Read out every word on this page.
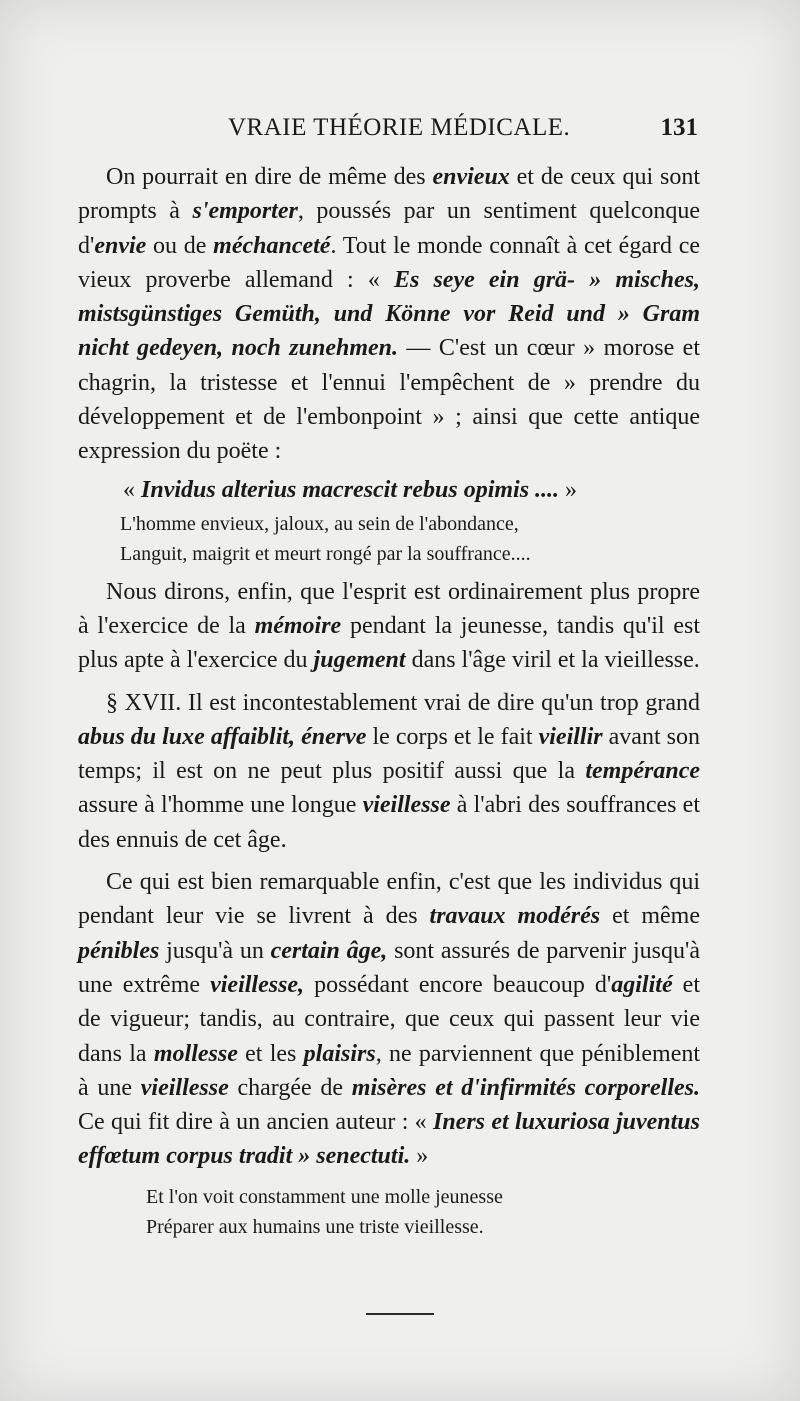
VRAIE THÉORIE MÉDICALE.	131

On pourrait en dire de même des envieux et de ceux qui sont prompts à s'emporter, poussés par un sentiment quelconque d'envie ou de méchanceté. Tout le monde connaît à cet égard ce vieux proverbe allemand : « Es seye ein grä- » misches, mistsgünstiges Gemüth, und Könne vor Reid und » Gram nicht gedeyen, noch zunehmen. — C'est un cœur » morose et chagrin, la tristesse et l'ennui l'empêchent de » prendre du développement et de l'embonpoint » ; ainsi que cette antique expression du poëte :

« Invidus alterius macrescit rebus opimis .... »
L'homme envieux, jaloux, au sein de l'abondance,
Languit, maigrit et meurt rongé par la souffrance....

Nous dirons, enfin, que l'esprit est ordinairement plus propre à l'exercice de la mémoire pendant la jeunesse, tandis qu'il est plus apte à l'exercice du jugement dans l'âge viril et la vieillesse.

§ XVII. Il est incontestablement vrai de dire qu'un trop grand abus du luxe affaiblit, énerve le corps et le fait vieillir avant son temps; il est on ne peut plus positif aussi que la tempérance assure à l'homme une longue vieillesse à l'abri des souffrances et des ennuis de cet âge.

Ce qui est bien remarquable enfin, c'est que les individus qui pendant leur vie se livrent à des travaux modérés et même pénibles jusqu'à un certain âge, sont assurés de parvenir jusqu'à une extrême vieillesse, possédant encore beaucoup d'agilité et de vigueur; tandis, au contraire, que ceux qui passent leur vie dans la mollesse et les plaisirs, ne parviennent que péniblement à une vieillesse chargée de misères et d'infirmités corporelles. Ce qui fit dire à un ancien auteur : « Iners et luxuriosa juventus effœtum corpus tradit » senectuti. »

Et l'on voit constamment une molle jeunesse
Préparer aux humains une triste vieillesse.
